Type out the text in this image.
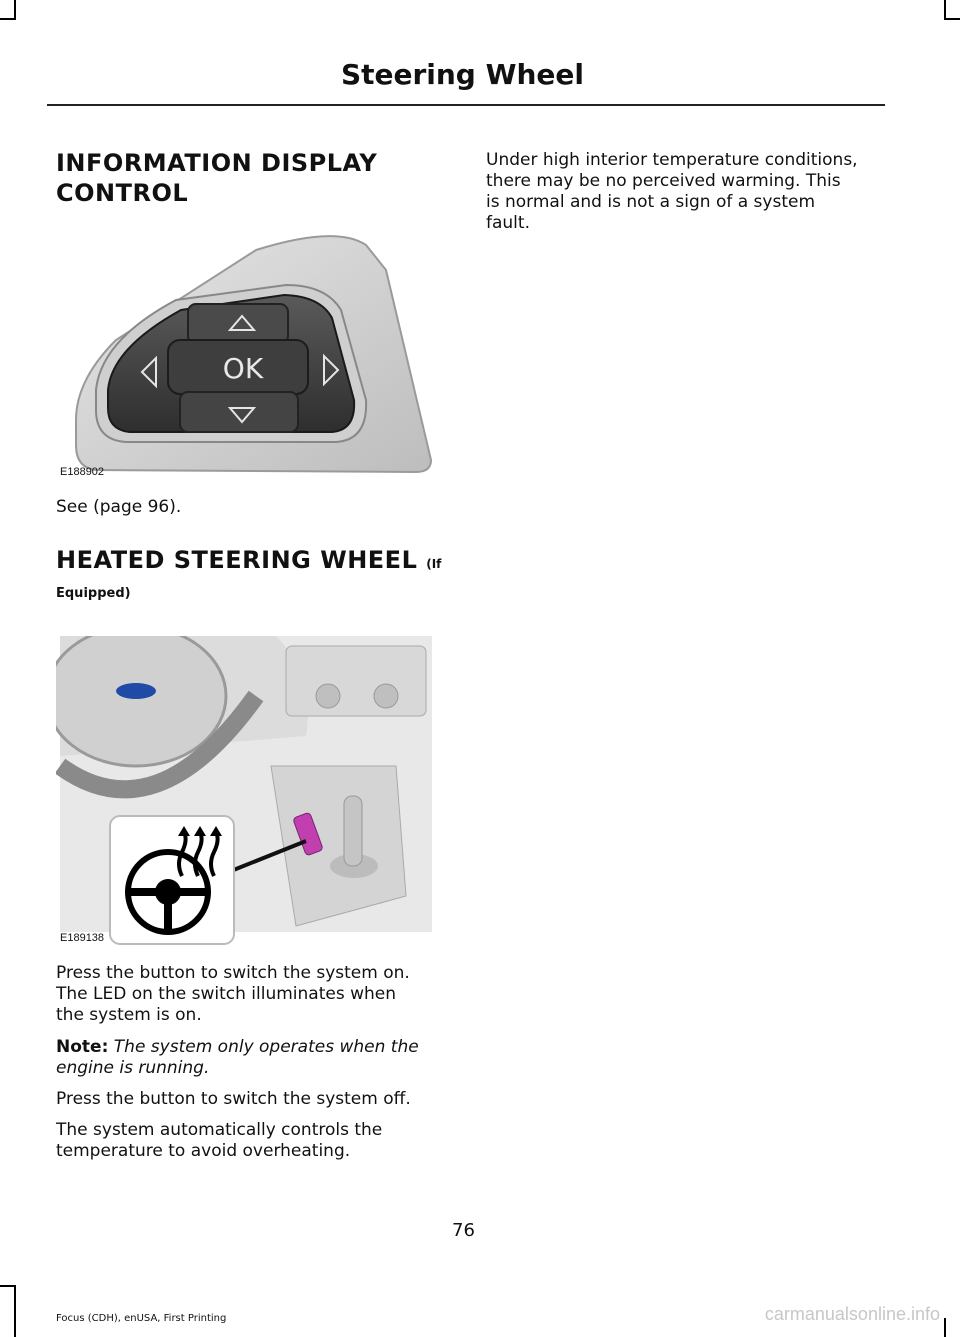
Steering Wheel
INFORMATION DISPLAY
CONTROL
OK
E188902
See (page 96).
HEATED STEERING WHEEL (If
Equipped)
E189138
Press the button to switch the system on.
The LED on the switch illuminates when
the system is on.
Note: The system only operates when the
engine is running.
Press the button to switch the system off.
The system automatically controls the
temperature to avoid overheating.
Under high interior temperature conditions,
there may be no perceived warming. This
is normal and is not a sign of a system
fault.
76
Focus (CDH), enUSA, First Printing	carmanualsonline.info
